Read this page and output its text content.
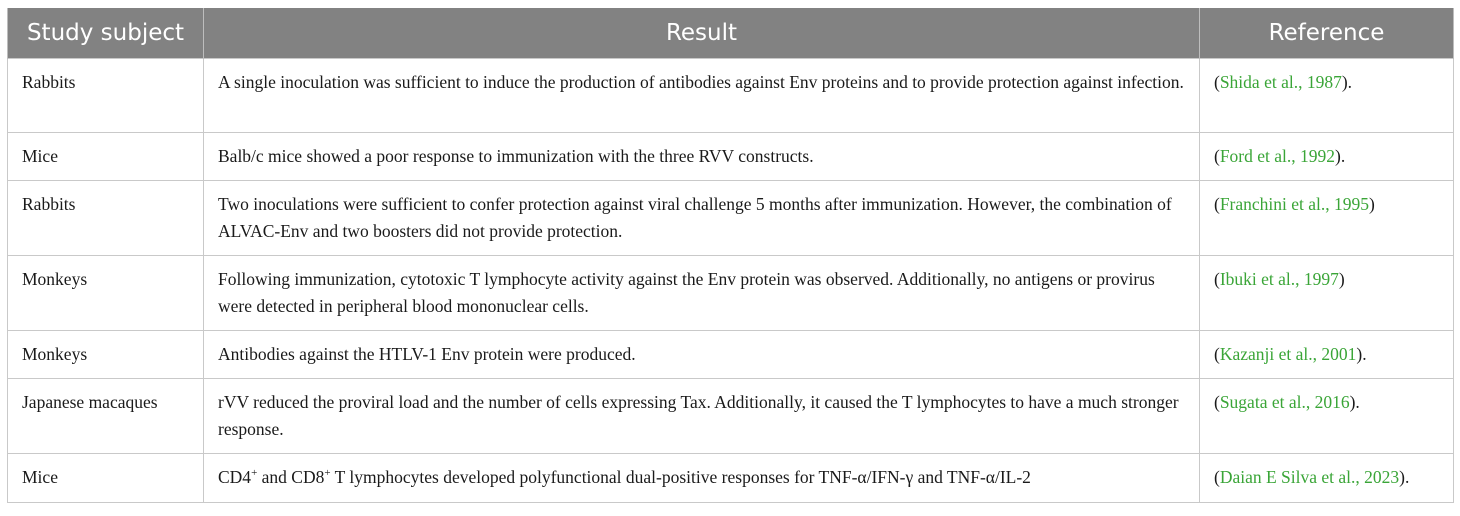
Study subject	Result	Reference
Rabbits	A single inoculation was sufficient to induce the production of antibodies against Env proteins and to provide protection against infection.	(Shida et al., 1987).
Mice	Balb/c mice showed a poor response to immunization with the three RVV constructs.	(Ford et al., 1992).
Rabbits	Two inoculations were sufficient to confer protection against viral challenge 5 months after immunization. However, the combination of ALVAC-Env and two boosters did not provide protection.	(Franchini et al., 1995)
Monkeys	Following immunization, cytotoxic T lymphocyte activity against the Env protein was observed. Additionally, no antigens or provirus were detected in peripheral blood mononuclear cells.	(Ibuki et al., 1997)
Monkeys	Antibodies against the HTLV-1 Env protein were produced.	(Kazanji et al., 2001).
Japanese macaques	rVV reduced the proviral load and the number of cells expressing Tax. Additionally, it caused the T lymphocytes to have a much stronger response.	(Sugata et al., 2016).
Mice	CD4+ and CD8+ T lymphocytes developed polyfunctional dual-positive responses for TNF-α/IFN-γ and TNF-α/IL-2	(Daian E Silva et al., 2023).
